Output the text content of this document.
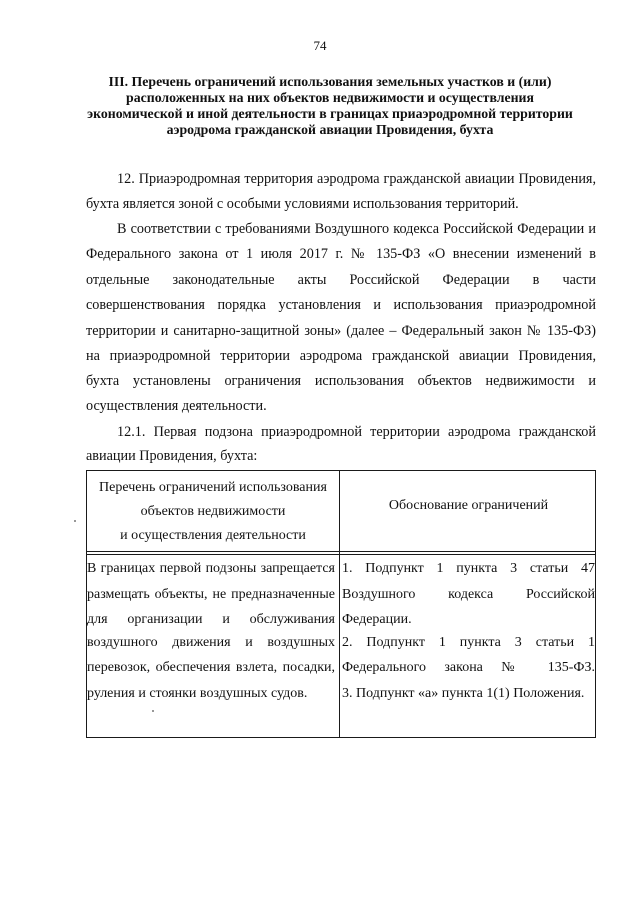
74
III. Перечень ограничений использования земельных участков и (или)
расположенных на них объектов недвижимости и осуществления
экономической и иной деятельности в границах приаэродромной территории
аэродрома гражданской авиации Провидения, бухта
12. Приаэродромная территория аэродрома гражданской авиации Провидения,
бухта является зоной с особыми условиями использования территорий.
В соответствии с требованиями Воздушного кодекса Российской Федерации и
Федерального закона от 1 июля 2017 г. № 135-ФЗ «О внесении изменений в
отдельные законодательные акты Российской Федерации в части
совершенствования порядка установления и использования приаэродромной
территории и санитарно-защитной зоны» (далее – Федеральный закон № 135-ФЗ)
на приаэродромной территории аэродрома гражданской авиации Провидения,
бухта установлены ограничения использования объектов недвижимости и
осуществления деятельности.
12.1. Первая подзона приаэродромной территории аэродрома гражданской
авиации Провидения, бухта:
Перечень ограничений использования
объектов недвижимости
и осуществления деятельности
Обоснование ограничений
В границах первой подзоны запрещается
размещать объекты, не предназначенные
для организации и обслуживания
воздушного движения и воздушных
перевозок, обеспечения взлета, посадки,
руления и стоянки воздушных судов.
1. Подпункт 1 пункта 3 статьи 47
Воздушного кодекса Российской
Федерации.
2. Подпункт 1 пункта 3 статьи 1
Федерального закона № 135-ФЗ.
3. Подпункт «а» пункта 1(1) Положения.
